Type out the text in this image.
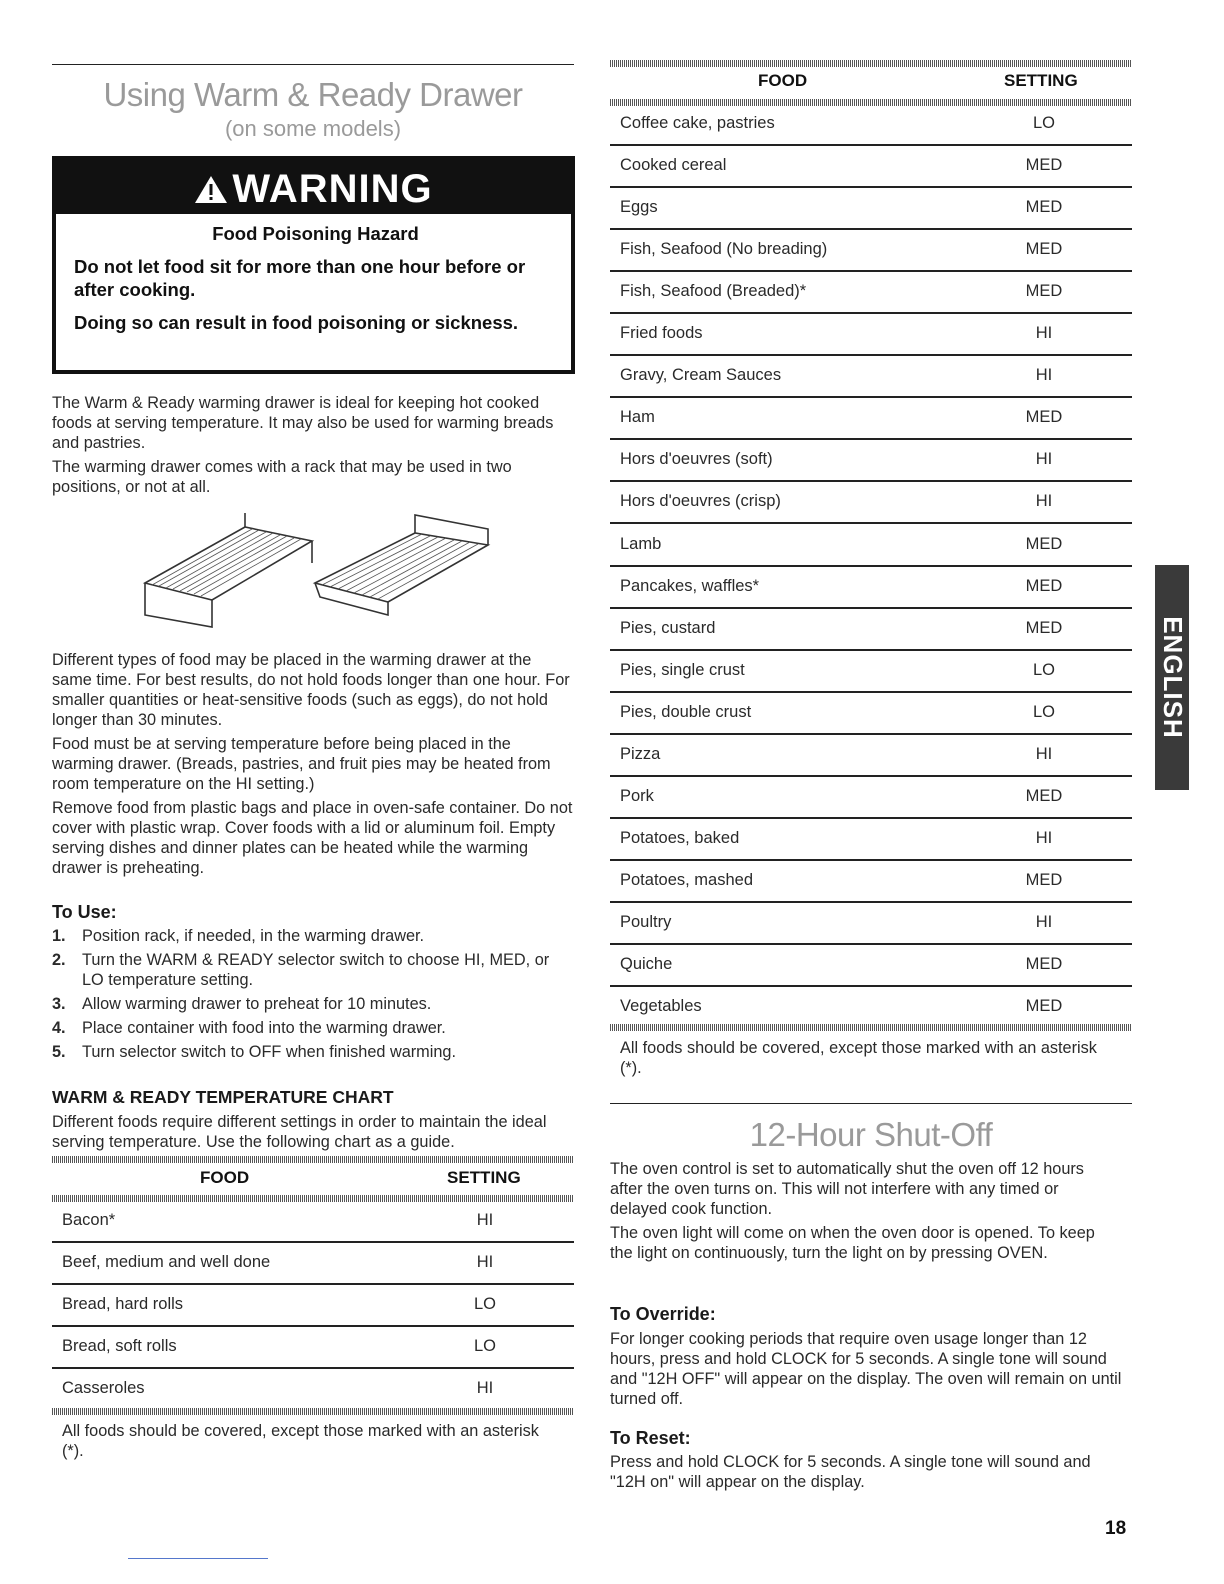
Using Warm & Ready Drawer
(on some models)
WARNING
Food Poisoning Hazard
Do not let food sit for more than one hour before or after cooking.
Doing so can result in food poisoning or sickness.

The Warm & Ready warming drawer is ideal for keeping hot cooked foods at serving temperature. It may also be used for warming breads and pastries.

The warming drawer comes with a rack that may be used in two positions, or not at all.

Different types of food may be placed in the warming drawer at the same time. For best results, do not hold foods longer than one hour. For smaller quantities or heat-sensitive foods (such as eggs), do not hold longer than 30 minutes.

Food must be at serving temperature before being placed in the warming drawer. (Breads, pastries, and fruit pies may be heated from room temperature on the HI setting.)

Remove food from plastic bags and place in oven-safe container. Do not cover with plastic wrap. Cover foods with a lid or aluminum foil. Empty serving dishes and dinner plates can be heated while the warming drawer is preheating.

To Use:
1. Position rack, if needed, in the warming drawer.
2. Turn the WARM & READY selector switch to choose HI, MED, or LO temperature setting.
3. Allow warming drawer to preheat for 10 minutes.
4. Place container with food into the warming drawer.
5. Turn selector switch to OFF when finished warming.
WARM & READY TEMPERATURE CHART
Different foods require different settings in order to maintain the ideal serving temperature. Use the following chart as a guide.
FOOD	SETTING
Bacon*	HI
Beef, medium and well done	HI
Bread, hard rolls	LO
Bread, soft rolls	LO
Casseroles	HI
All foods should be covered, except those marked with an asterisk (*).
FOOD	SETTING
Coffee cake, pastries	LO
Cooked cereal	MED
Eggs	MED
Fish, Seafood (No breading)	MED
Fish, Seafood (Breaded)*	MED
Fried foods	HI
Gravy, Cream Sauces	HI
Ham	MED
Hors d'oeuvres (soft)	HI
Hors d'oeuvres (crisp)	HI
Lamb	MED
Pancakes, waffles*	MED
Pies, custard	MED
Pies, single crust	LO
Pies, double crust	LO
Pizza	HI
Pork	MED
Potatoes, baked	HI
Potatoes, mashed	MED
Poultry	HI
Quiche	MED
Vegetables	MED
All foods should be covered, except those marked with an asterisk (*).
12-Hour Shut-Off

The oven control is set to automatically shut the oven off 12 hours after the oven turns on. This will not interfere with any timed or delayed cook function.

The oven light will come on when the oven door is opened. To keep the light on continuously, turn the light on by pressing OVEN.

To Override:
For longer cooking periods that require oven usage longer than 12 hours, press and hold CLOCK for 5 seconds. A single tone will sound and "12H OFF" will appear on the display. The oven will remain on until turned off.
To Reset:
Press and hold CLOCK for 5 seconds. A single tone will sound and "12H on" will appear on the display.
ENGLISH
18
